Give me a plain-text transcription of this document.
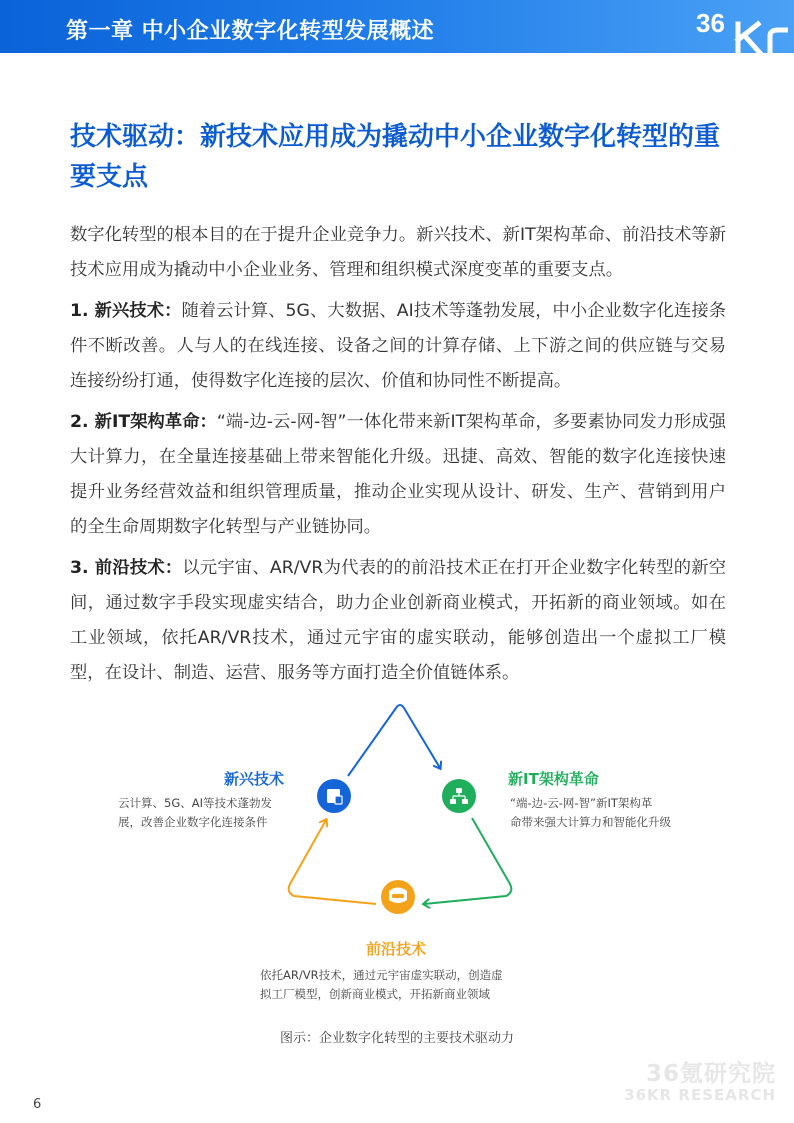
第一章 中小企业数字化转型发展概述	36
技术驱动：新技术应用成为撬动中小企业数字化转型的重要支点

数字化转型的根本目的在于提升企业竞争力。新兴技术、新IT架构革命、前沿技术等新技术应用成为撬动中小企业业务、管理和组织模式深度变革的重要支点。

1. 新兴技术：随着云计算、5G、大数据、AI技术等蓬勃发展，中小企业数字化连接条件不断改善。人与人的在线连接、设备之间的计算存储、上下游之间的供应链与交易连接纷纷打通，使得数字化连接的层次、价值和协同性不断提高。

2. 新IT架构革命：“端-边-云-网-智”一体化带来新IT架构革命，多要素协同发力形成强大计算力，在全量连接基础上带来智能化升级。迅捷、高效、智能的数字化连接快速提升业务经营效益和组织管理质量，推动企业实现从设计、研发、生产、营销到用户的全生命周期数字化转型与产业链协同。

3. 前沿技术：以元宇宙、AR/VR为代表的的前沿技术正在打开企业数字化转型的新空间，通过数字手段实现虚实结合，助力企业创新商业模式，开拓新的商业领域。如在工业领域，依托AR/VR技术，通过元宇宙的虚实联动，能够创造出一个虚拟工厂模型，在设计、制造、运营、服务等方面打造全价值链体系。

新兴技术
云计算、5G、AI等技术蓬勃发
展，改善企业数字化连接条件
新IT架构革命
“端-边-云-网-智”新IT架构革
命带来强大计算力和智能化升级
前沿技术
依托AR/VR技术，通过元宇宙虚实联动，创造虚
拟工厂模型，创新商业模式，开拓新商业领域
图示：企业数字化转型的主要技术驱动力
36氪研究院
36KR RESEARCH
6
